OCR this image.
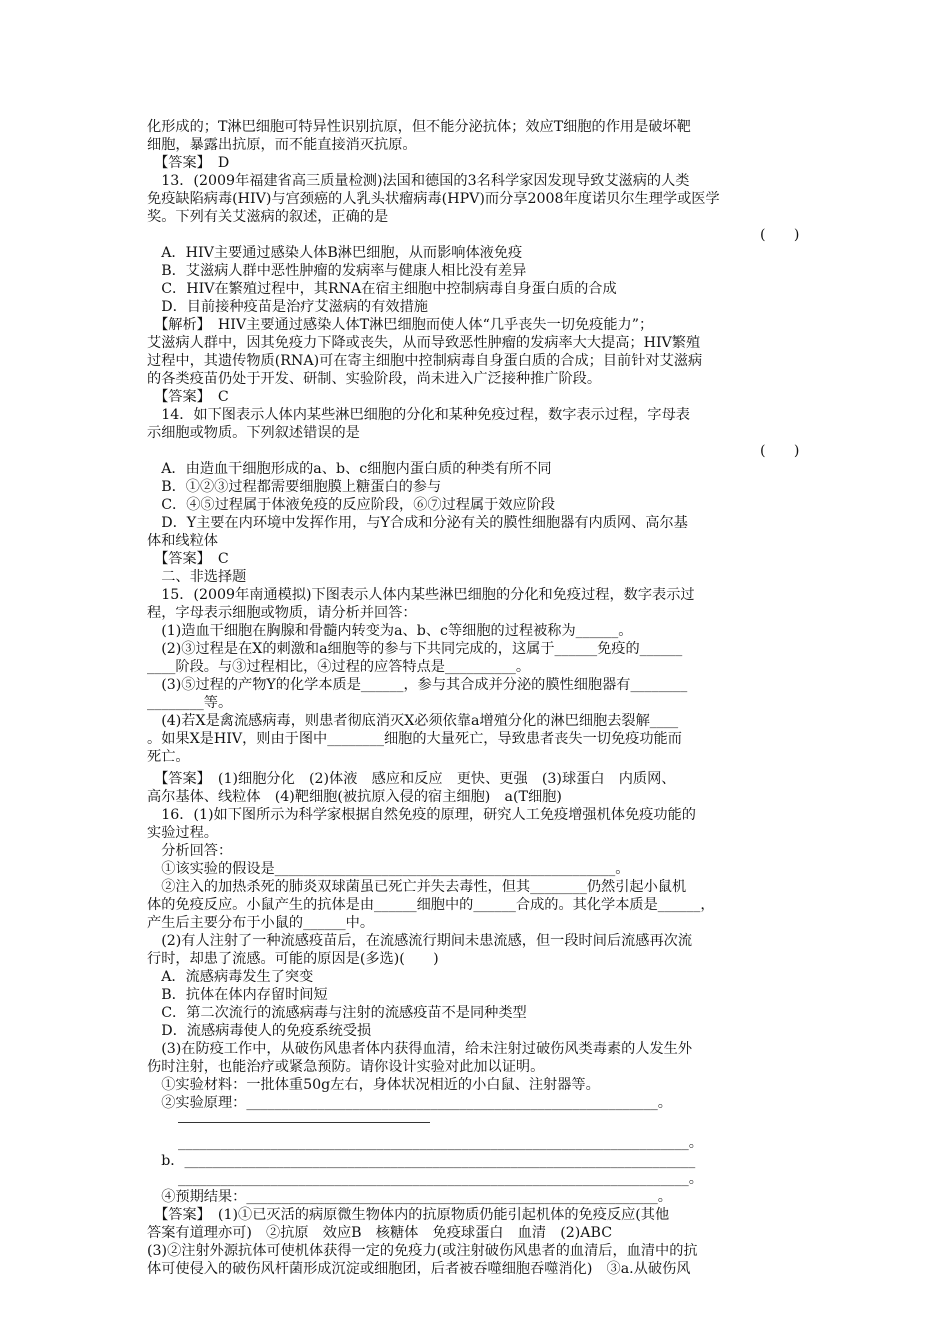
化形成的；T淋巴细胞可特异性识别抗原，但不能分泌抗体；效应T细胞的作用是破坏靶
细胞，暴露出抗原，而不能直接消灭抗原。
　【答案】　D
　13．(2009年福建省高三质量检测)法国和德国的3名科学家因发现导致艾滋病的人类
免疫缺陷病毒(HIV)与宫颈癌的人乳头状瘤病毒(HPV)而分享2008年度诺贝尔生理学或医学
奖。下列有关艾滋病的叙述，正确的是
(　　)
　A．HIV主要通过感染人体B淋巴细胞，从而影响体液免疫
　B．艾滋病人群中恶性肿瘤的发病率与健康人相比没有差异
　C．HIV在繁殖过程中，其RNA在宿主细胞中控制病毒自身蛋白质的合成
　D．目前接种疫苗是治疗艾滋病的有效措施
　【解析】　HIV主要通过感染人体T淋巴细胞而使人体“几乎丧失一切免疫能力”；
艾滋病人群中，因其免疫力下降或丧失，从而导致恶性肿瘤的发病率大大提高；HIV繁殖
过程中，其遗传物质(RNA)可在寄主细胞中控制病毒自身蛋白质的合成；目前针对艾滋病
的各类疫苗仍处于开发、研制、实验阶段，尚未进入广泛接种推广阶段。
　【答案】　C
　14．如下图表示人体内某些淋巴细胞的分化和某种免疫过程，数字表示过程，字母表
示细胞或物质。下列叙述错误的是
(　　)
　A．由造血干细胞形成的a、b、c细胞内蛋白质的种类有所不同
　B．①②③过程都需要细胞膜上糖蛋白的参与
　C．④⑤过程属于体液免疫的反应阶段，⑥⑦过程属于效应阶段
　D．Y主要在内环境中发挥作用，与Y合成和分泌有关的膜性细胞器有内质网、高尔基
体和线粒体
　【答案】　C
　二、非选择题
　15．(2009年南通模拟)下图表示人体内某些淋巴细胞的分化和免疫过程，数字表示过
程，字母表示细胞或物质，请分析并回答：
　(1)造血干细胞在胸腺和骨髓内转变为a、b、c等细胞的过程被称为______。
　(2)③过程是在X的刺激和a细胞等的参与下共同完成的，这属于______免疫的______
____阶段。与③过程相比，④过程的应答特点是__________。
　(3)⑤过程的产物Y的化学本质是______，参与其合成并分泌的膜性细胞器有________
________等。
　(4)若X是禽流感病毒，则患者彻底消灭X必须依靠a增殖分化的淋巴细胞去裂解____
。如果X是HIV，则由于图中________细胞的大量死亡，导致患者丧失一切免疫功能而
死亡。
　【答案】　(1)细胞分化　(2)体液　感应和反应　更快、更强　(3)球蛋白　内质网、
高尔基体、线粒体　(4)靶细胞(被抗原入侵的宿主细胞)　a(T细胞)
　16．(1)如下图所示为科学家根据自然免疫的原理，研究人工免疫增强机体免疫功能的
实验过程。
　分析回答：
　①该实验的假设是________________________________________________。
　②注入的加热杀死的肺炎双球菌虽已死亡并失去毒性，但其________仍然引起小鼠机
体的免疫反应。小鼠产生的抗体是由______细胞中的______合成的。其化学本质是______，
产生后主要分布于小鼠的______中。
　(2)有人注射了一种流感疫苗后，在流感流行期间未患流感，但一段时间后流感再次流
行时，却患了流感。可能的原因是(多选)(　　)
　A．流感病毒发生了突变
　B．抗体在体内存留时间短
　C．第二次流行的流感病毒与注射的流感疫苗不是同种类型
　D．流感病毒使人的免疫系统受损
　(3)在防疫工作中，从破伤风患者体内获得血清，给未注射过破伤风类毒素的人发生外
伤时注射，也能治疗或紧急预防。请你设计实验对此加以证明。
　①实验材料：一批体重50g左右，身体状况相近的小白鼠、注射器等。
　②实验原理：__________________________________________________________。
________________________________________________________________________。
　b．________________________________________________________________________
________________________________________________________________________。
　④预期结果：__________________________________________________________。
　【答案】　(1)①已灭活的病原微生物体内的抗原物质仍能引起机体的免疫反应(其他
答案有道理亦可)　②抗原　效应B　核糖体　免疫球蛋白　血清　(2)ABC
(3)②注射外源抗体可使机体获得一定的免疫力(或注射破伤风患者的血清后，血清中的抗
体可使侵入的破伤风杆菌形成沉淀或细胞团，后者被吞噬细胞吞噬消化)　③a.从破伤风
